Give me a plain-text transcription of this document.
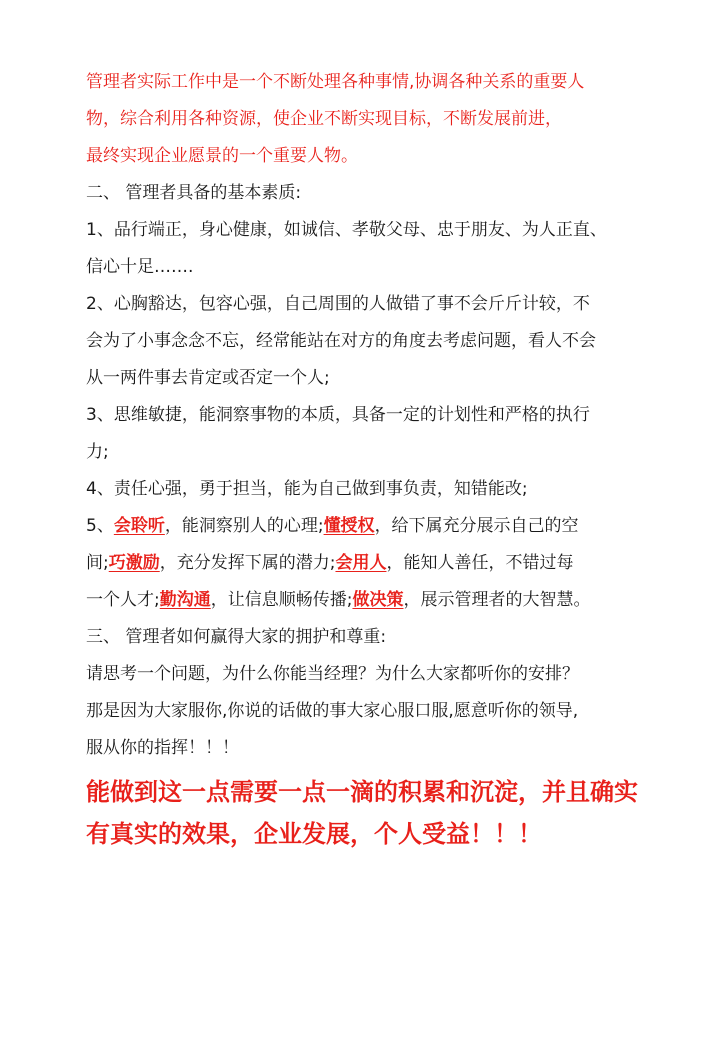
管理者实际工作中是一个不断处理各种事情,协调各种关系的重要人

物，综合利用各种资源，使企业不断实现目标，不断发展前进，

最终实现企业愿景的一个重要人物。

二、 管理者具备的基本素质:

1、品行端正，身心健康，如诚信、孝敬父母、忠于朋友、为人正直、

信心十足…….

2、心胸豁达，包容心强，自己周围的人做错了事不会斤斤计较，不

会为了小事念念不忘，经常能站在对方的角度去考虑问题，看人不会

从一两件事去肯定或否定一个人;

3、思维敏捷，能洞察事物的本质，具备一定的计划性和严格的执行

力;

4、责任心强，勇于担当，能为自己做到事负责，知错能改;

5、会聆听，能洞察别人的心理;懂授权，给下属充分展示自己的空

间;巧激励，充分发挥下属的潜力;会用人，能知人善任，不错过每

一个人才;勤沟通，让信息顺畅传播;做决策，展示管理者的大智慧。

三、 管理者如何赢得大家的拥护和尊重:

请思考一个问题，为什么你能当经理？为什么大家都听你的安排？

那是因为大家服你,你说的话做的事大家心服口服,愿意听你的领导,

服从你的指挥！！！

能做到这一点需要一点一滴的积累和沉淀，并且确实

有真实的效果，企业发展，个人受益！！！
